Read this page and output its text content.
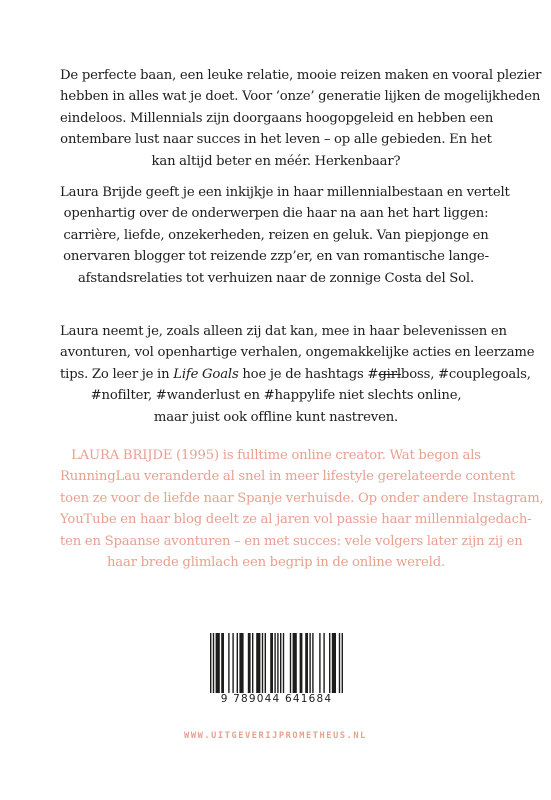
De perfecte baan, een leuke relatie, mooie reizen maken en vooral plezier
hebben in alles wat je doet. Voor ‘onze’ generatie lijken de mogelijkheden
eindeloos. Millennials zijn doorgaans hoogopgeleid en hebben een
ontembare lust naar succes in het leven – op alle gebieden. En het
kan altijd beter en méér. Herkenbaar?

Laura Brijde geeft je een inkijkje in haar millennialbestaan en vertelt
openhartig over de onderwerpen die haar na aan het hart liggen:
carrière, liefde, onzekerheden, reizen en geluk. Van piepjonge en
onervaren blogger tot reizende zzp’er, en van romantische lange-
afstandsrelaties tot verhuizen naar de zonnige Costa del Sol.

Laura neemt je, zoals alleen zij dat kan, mee in haar belevenissen en
avonturen, vol openhartige verhalen, ongemakkelijke acties en leerzame
tips. Zo leer je in Life Goals hoe je de hashtags #girlboss, #couplegoals,
#nofilter, #wanderlust en #happylife niet slechts online,
maar juist ook offline kunt nastreven.

LAURA BRIJDE (1995) is fulltime online creator. Wat begon als
RunningLau veranderde al snel in meer lifestyle gerelateerde content
toen ze voor de liefde naar Spanje verhuisde. Op onder andere Instagram,
YouTube en haar blog deelt ze al jaren vol passie haar millennialgedach-
ten en Spaanse avonturen – en met succes: vele volgers later zijn zij en
haar brede glimlach een begrip in de online wereld.

9 789044 641684
WWW.UITGEVERIJPROMETHEUS.NL
